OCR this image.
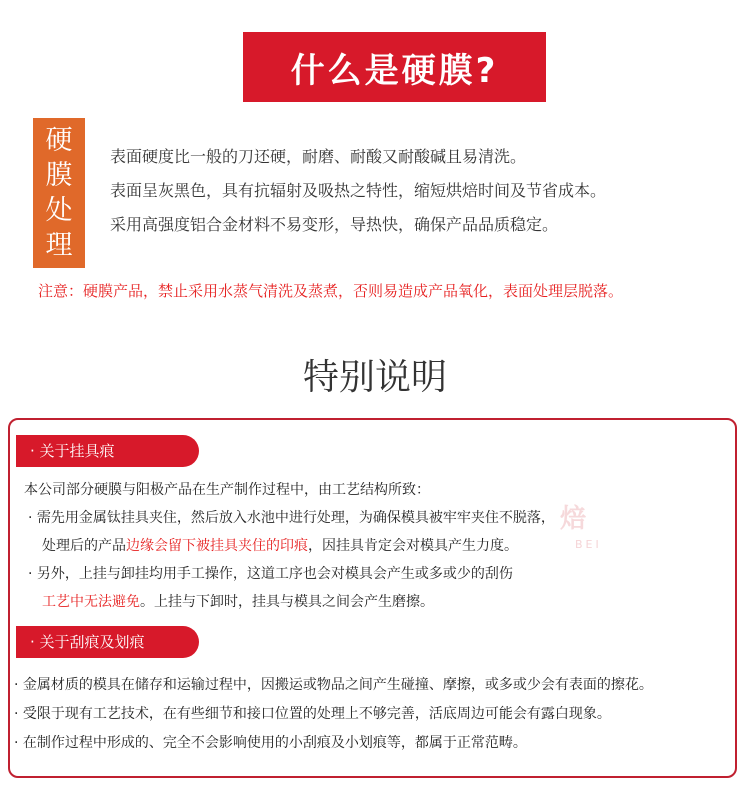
什么是硬膜?
硬
膜
处
理
表面硬度比一般的刀还硬，耐磨、耐酸又耐酸碱且易清洗。
表面呈灰黑色，具有抗辐射及吸热之特性，缩短烘焙时间及节省成本。
采用高强度铝合金材料不易变形，导热快，确保产品品质稳定。
注意：硬膜产品，禁止采用水蒸气清洗及蒸煮，否则易造成产品氧化，表面处理层脱落。
特别说明
焙
BEI
· 关于挂具痕
本公司部分硬膜与阳极产品在生产制作过程中，由工艺结构所致：
· 需先用金属钛挂具夹住，然后放入水池中进行处理，为确保模具被牢牢夹住不脱落，
处理后的产品边缘会留下被挂具夹住的印痕，因挂具肯定会对模具产生力度。
· 另外，上挂与卸挂均用手工操作，这道工序也会对模具会产生或多或少的刮伤
工艺中无法避免。上挂与下卸时，挂具与模具之间会产生磨擦。
· 关于刮痕及划痕
· 金属材质的模具在储存和运输过程中，因搬运或物品之间产生碰撞、摩擦，或多或少会有表面的擦花。
· 受限于现有工艺技术，在有些细节和接口位置的处理上不够完善，活底周边可能会有露白现象。
· 在制作过程中形成的、完全不会影响使用的小刮痕及小划痕等，都属于正常范畴。
